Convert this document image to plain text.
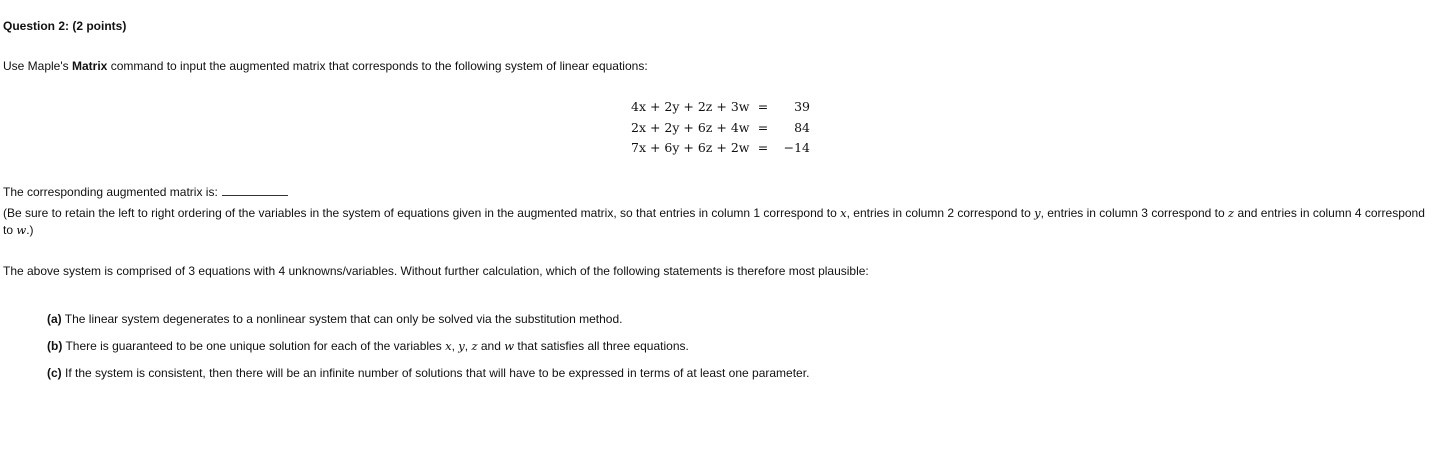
Question 2: (2 points)
Use Maple's Matrix command to input the augmented matrix that corresponds to the following system of linear equations:
4x + 2y + 2z + 3w =	39
2x + 2y + 6z + 4w =	84
7x + 6y + 6z + 2w =	−14
The corresponding augmented matrix is:
(Be sure to retain the left to right ordering of the variables in the system of equations given in the augmented matrix, so that entries in column 1 correspond to x, entries in column 2 correspond to y, entries in column 3 correspond to z and entries in column 4 correspond to w.)
The above system is comprised of 3 equations with 4 unknowns/variables. Without further calculation, which of the following statements is therefore most plausible:
(a) The linear system degenerates to a nonlinear system that can only be solved via the substitution method.
(b) There is guaranteed to be one unique solution for each of the variables x, y, z and w that satisfies all three equations.
(c) If the system is consistent, then there will be an infinite number of solutions that will have to be expressed in terms of at least one parameter.
